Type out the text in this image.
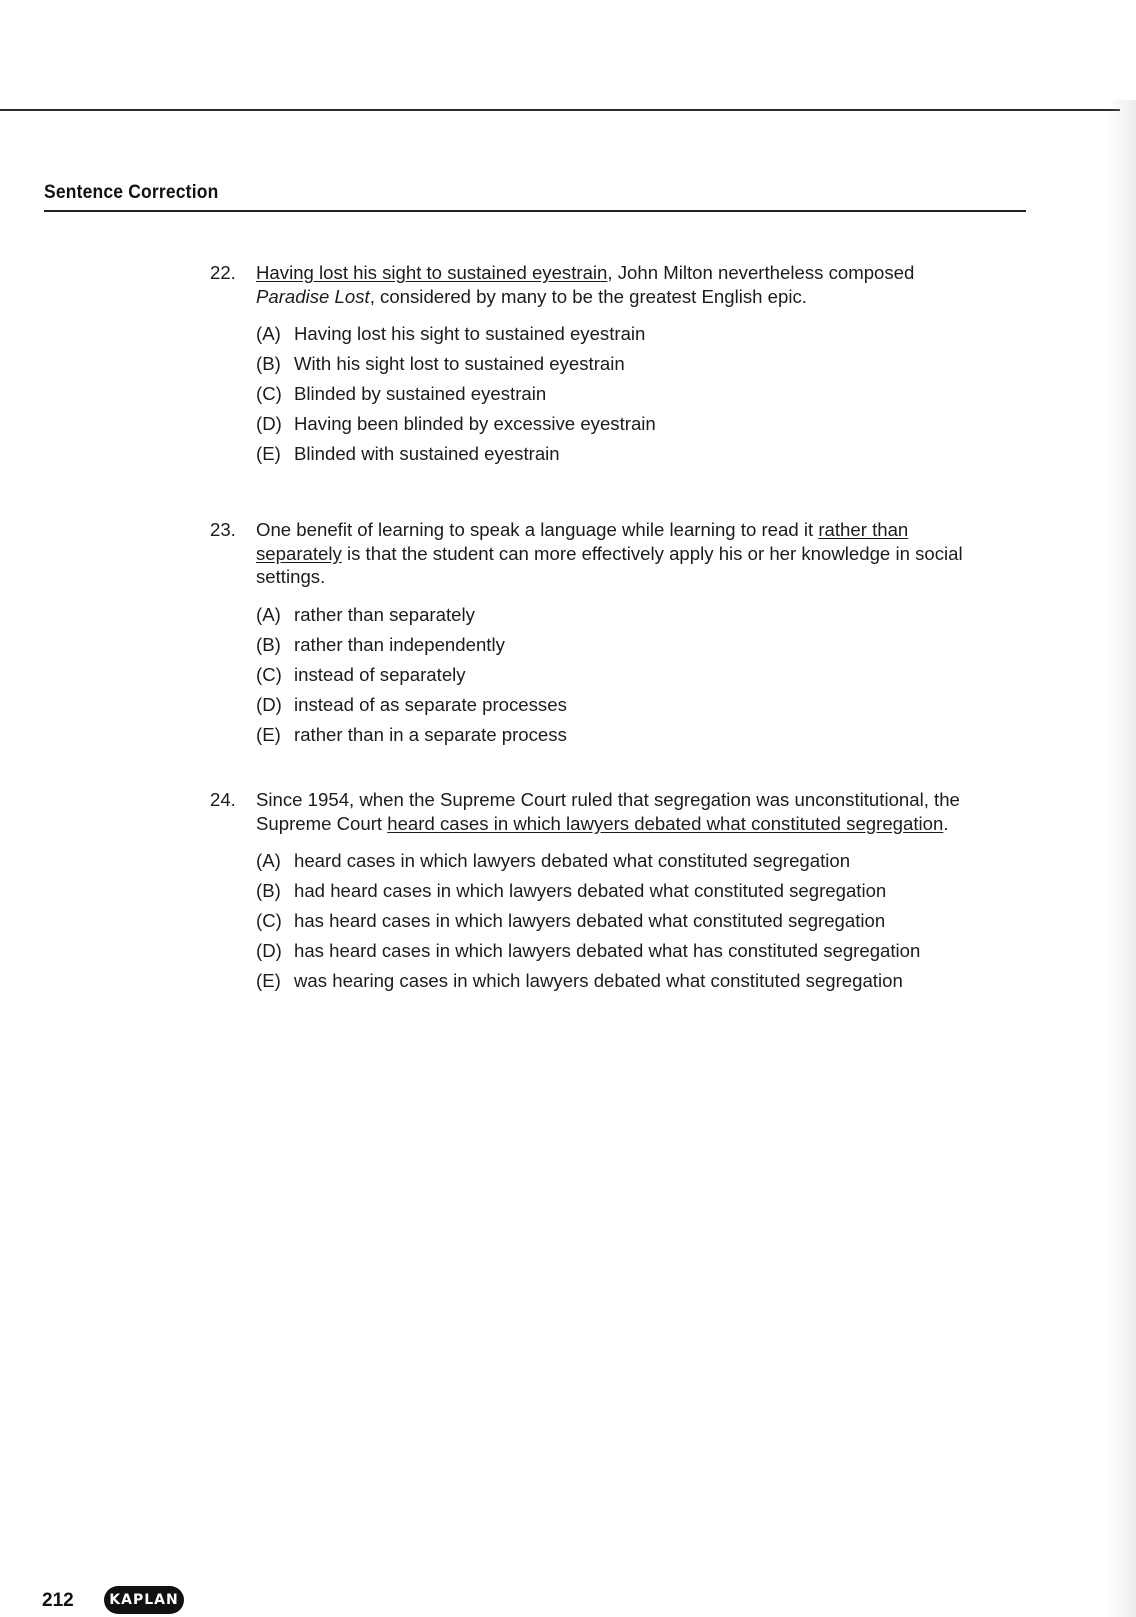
Sentence Correction
22. Having lost his sight to sustained eyestrain, John Milton nevertheless composed Paradise Lost, considered by many to be the greatest English epic.
(A) Having lost his sight to sustained eyestrain
(B) With his sight lost to sustained eyestrain
(C) Blinded by sustained eyestrain
(D) Having been blinded by excessive eyestrain
(E) Blinded with sustained eyestrain
23. One benefit of learning to speak a language while learning to read it rather than separately is that the student can more effectively apply his or her knowledge in social settings.
(A) rather than separately
(B) rather than independently
(C) instead of separately
(D) instead of as separate processes
(E) rather than in a separate process
24. Since 1954, when the Supreme Court ruled that segregation was unconstitutional, the Supreme Court heard cases in which lawyers debated what constituted segregation.
(A) heard cases in which lawyers debated what constituted segregation
(B) had heard cases in which lawyers debated what constituted segregation
(C) has heard cases in which lawyers debated what constituted segregation
(D) has heard cases in which lawyers debated what has constituted segregation
(E) was hearing cases in which lawyers debated what constituted segregation
212	KAPLAN
